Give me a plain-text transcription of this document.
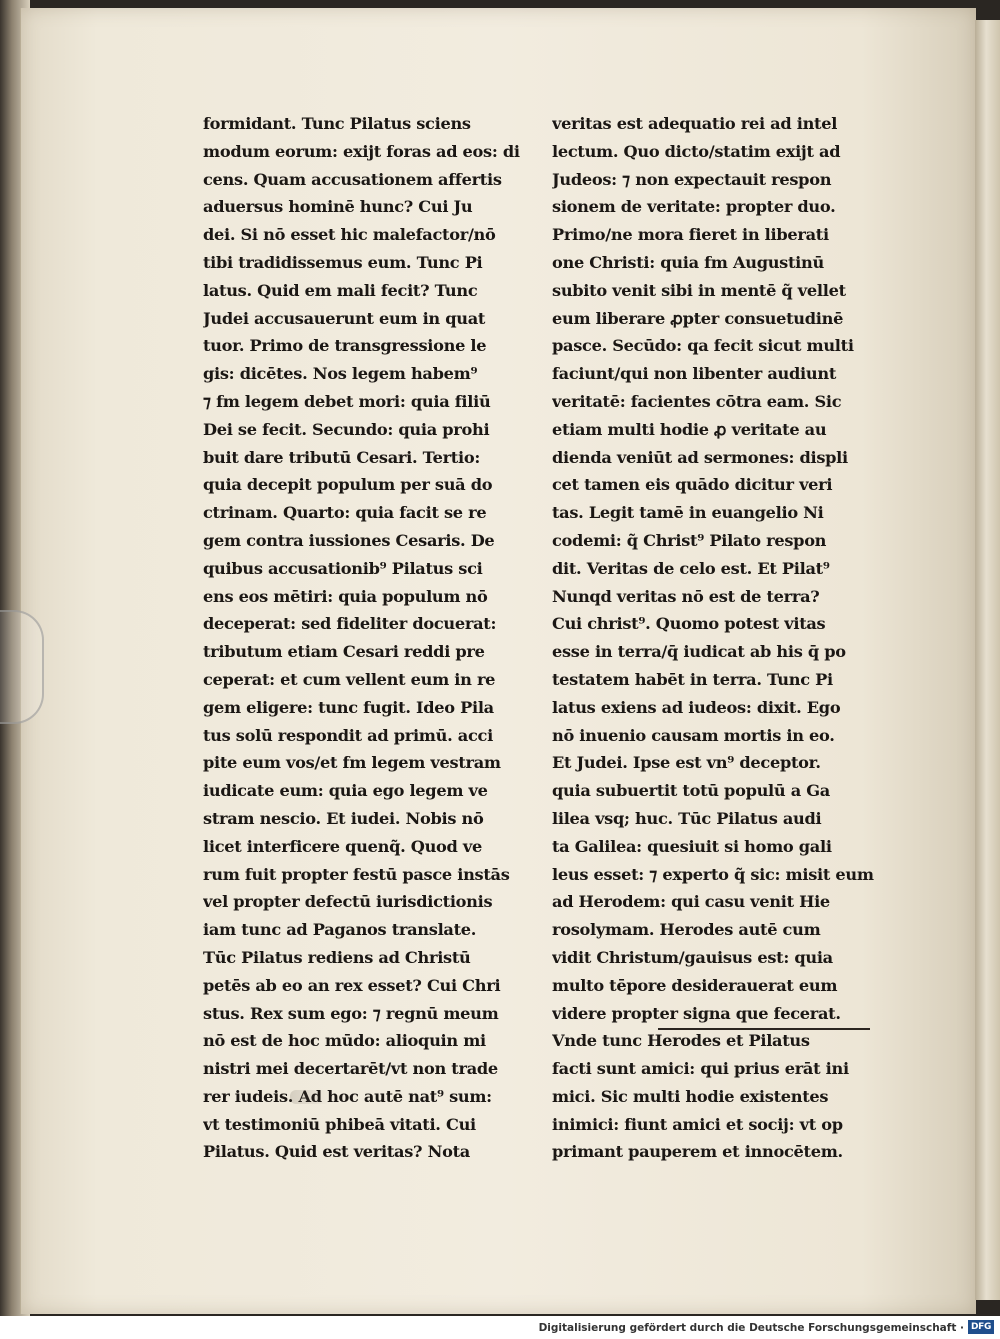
formidant. Tunc Pilatus sciens
modum eorum: exijt foras ad eos: di
cens. Quam accusationem affertis
aduersus hominē hunc? Cui Ju
dei. Si nō esset hic malefactor/nō
tibi tradidissemus eum. Tunc Pi
latus. Quid em mali fecit? Tunc
Judei accusauerunt eum in quat
tuor. Primo de transgressione le
gis: dicētes. Nos legem habem⁹
⁊ fm legem debet mori: quia filiū
Dei se fecit. Secundo: quia prohi
buit dare tributū Cesari. Tertio:
quia decepit populum per suā do
ctrinam. Quarto: quia facit se re
gem contra iussiones Cesaris. De
quibus accusationib⁹ Pilatus sci
ens eos mētiri: quia populum nō
deceperat: sed fideliter docuerat:
tributum etiam Cesari reddi pre
ceperat: et cum vellent eum in re
gem eligere: tunc fugit. Ideo Pila
tus solū respondit ad primū. acci
pite eum vos/et fm legem vestram
iudicate eum: quia ego legem ve
stram nescio. Et iudei. Nobis nō
licet interficere quenq̃. Quod ve
rum fuit propter festū pasce instās
vel propter defectū iurisdictionis
iam tunc ad Paganos translate.
Tūc Pilatus rediens ad Christū
petēs ab eo an rex esset? Cui Chri
stus. Rex sum ego: ⁊ regnū meum
nō est de hoc mūdo: alioquin mi
nistri mei decertarēt/vt non trade
rer iudeis. Ad hoc autē nat⁹ sum:
vt testimoniū phibeā vitati. Cui
Pilatus. Quid est veritas? Nota
veritas est adequatio rei ad intel
lectum. Quo dicto/statim exijt ad
Judeos: ⁊ non expectauit respon
sionem de veritate: propter duo.
Primo/ne mora fieret in liberati
one Christi: quia fm Augustinū
subito venit sibi in mentē q̃ vellet
eum liberare ꝓpter consuetudinē
pasce. Secūdo: qa fecit sicut multi
faciunt/qui non libenter audiunt
veritatē: facientes cōtra eam. Sic
etiam multi hodie ꝓ veritate au
dienda veniūt ad sermones: displi
cet tamen eis quādo dicitur veri
tas. Legit tamē in euangelio Ni
codemi: q̃ Christ⁹ Pilato respon
dit. Veritas de celo est. Et Pilat⁹
Nunqd veritas nō est de terra?
Cui christ⁹. Quomo potest vitas
esse in terra/q̄ iudicat ab his q̄ po
testatem habēt in terra. Tunc Pi
latus exiens ad iudeos: dixit. Ego
nō inuenio causam mortis in eo.
Et Judei. Ipse est vn⁹ deceptor.
quia subuertit totū populū a Ga
lilea vsq; huc. Tūc Pilatus audi
ta Galilea: quesiuit si homo gali
leus esset: ⁊ experto q̃ sic: misit eum
ad Herodem: qui casu venit Hie
rosolymam. Herodes autē cum
vidit Christum/gauisus est: quia
multo tēpore desiderauerat eum
videre propter signa que fecerat.
Vnde tunc Herodes et Pilatus
facti sunt amici: qui prius erāt ini
mici. Sic multi hodie existentes
inimici: fiunt amici et socij: vt op
primant pauperem et innocētem.
Digitalisierung gefördert durch die Deutsche Forschungsgemeinschaft · DFG
